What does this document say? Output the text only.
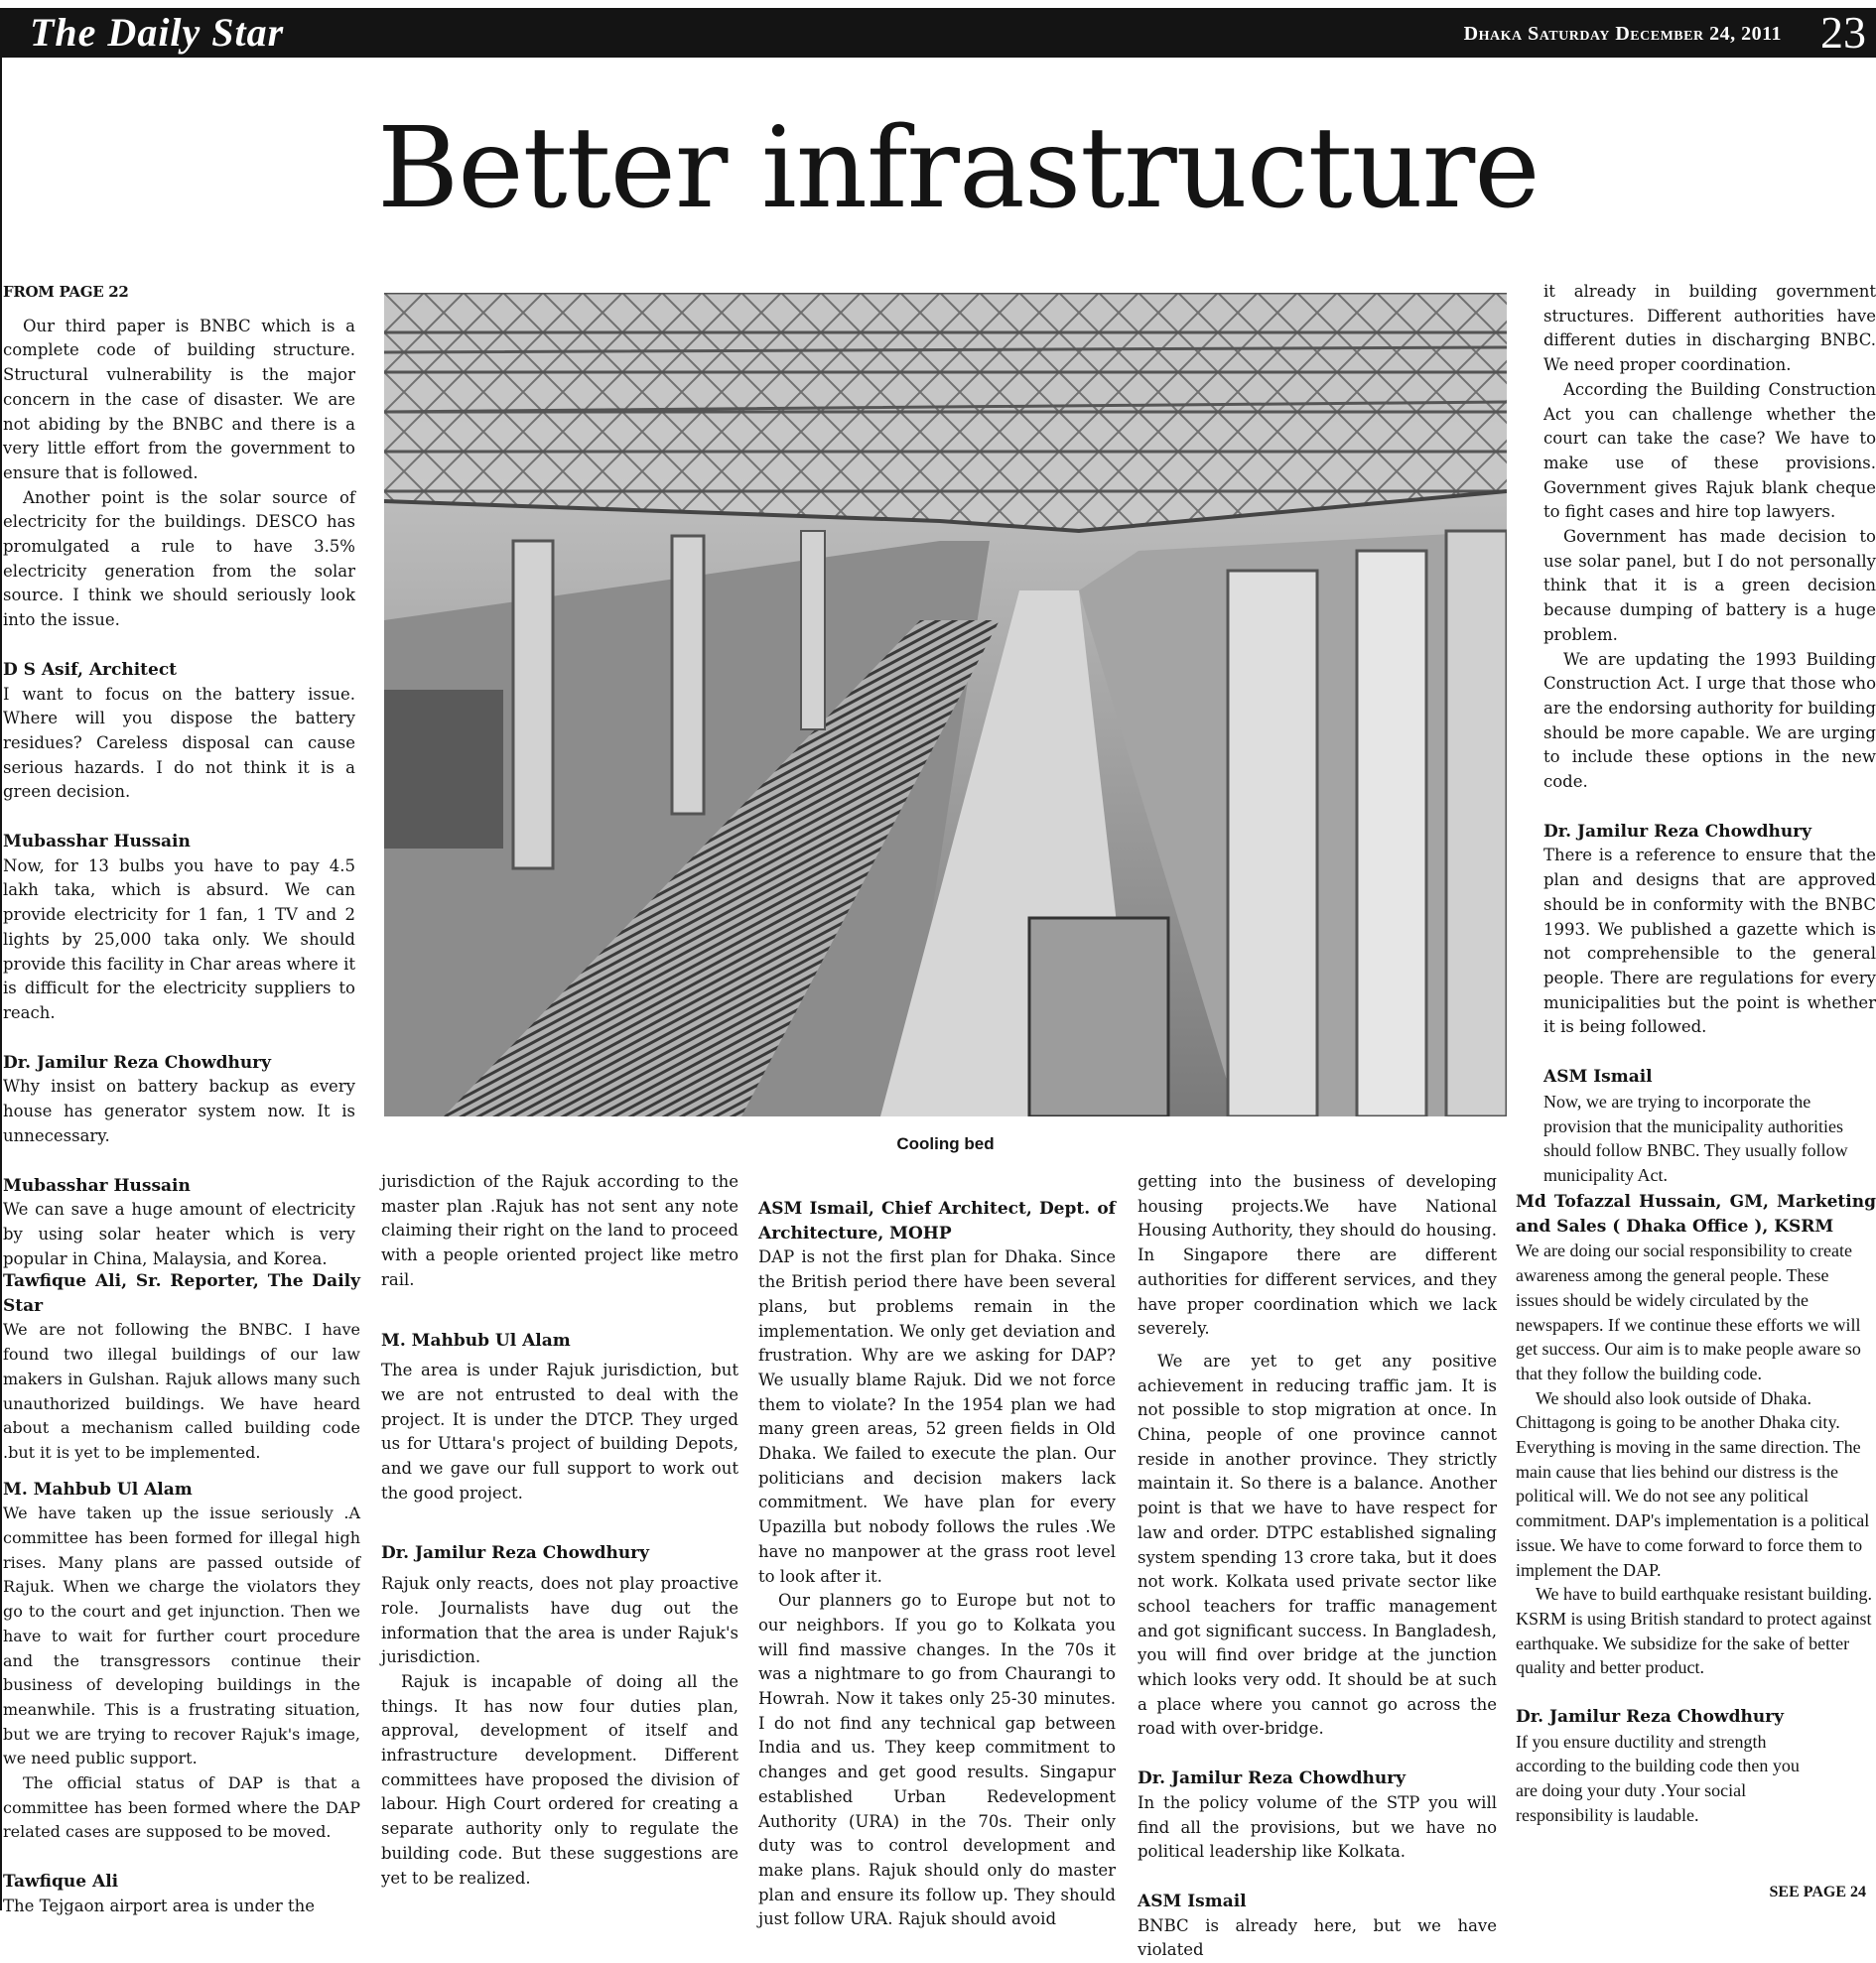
The Daily Star	Dhaka Saturday December 24, 2011 23
Better infrastructure
FROM PAGE 22

Our third paper is BNBC which is a complete code of building structure. Structural vulnerability is the major concern in the case of disaster. We are not abiding by the BNBC and there is a very little effort from the government to ensure that is followed.

Another point is the solar source of electricity for the buildings. DESCO has promulgated a rule to have 3.5% electricity generation from the solar source. I think we should seriously look into the issue.

D S Asif, Architect

I want to focus on the battery issue. Where will you dispose the battery residues? Careless disposal can cause serious hazards. I do not think it is a green decision.

Mubasshar Hussain

Now, for 13 bulbs you have to pay 4.5 lakh taka, which is absurd. We can provide electricity for 1 fan, 1 TV and 2 lights by 25,000 taka only. We should provide this facility in Char areas where it is difficult for the electricity suppliers to reach.

Dr. Jamilur Reza Chowdhury

Why insist on battery backup as every house has generator system now. It is unnecessary.

Mubasshar Hussain

We can save a huge amount of electricity by using solar heater which is very popular in China, Malaysia, and Korea.

Tawfique Ali, Sr. Reporter, The Daily Star

We are not following the BNBC. I have found two illegal buildings of our law makers in Gulshan. Rajuk allows many such unauthorized buildings. We have heard about a mechanism called building code .but it is yet to be implemented.

M. Mahbub Ul Alam

We have taken up the issue seriously .A committee has been formed for illegal high rises. Many plans are passed outside of Rajuk. When we charge the violators they go to the court and get injunction. Then we have to wait for further court procedure and the transgressors continue their business of developing buildings in the meanwhile. This is a frustrating situation, but we are trying to recover Rajuk's image, we need public support.

The official status of DAP is that a committee has been formed where the DAP related cases are supposed to be moved.

Tawfique Ali

The Tejgaon airport area is under the

Cooling bed

jurisdiction of the Rajuk according to the master plan .Rajuk has not sent any note claiming their right on the land to proceed with a people oriented project like metro rail.

M. Mahbub Ul Alam

The area is under Rajuk jurisdiction, but we are not entrusted to deal with the project. It is under the DTCP. They urged us for Uttara's project of building Depots, and we gave our full support to work out the good project.

Dr. Jamilur Reza Chowdhury

Rajuk only reacts, does not play proactive role. Journalists have dug out the information that the area is under Rajuk's jurisdiction.

Rajuk is incapable of doing all the things. It has now four duties plan, approval, development of itself and infrastructure development. Different committees have proposed the division of labour. High Court ordered for creating a separate authority only to regulate the building code. But these suggestions are yet to be realized.

ASM Ismail, Chief Architect, Dept. of Architecture, MOHP

DAP is not the first plan for Dhaka. Since the British period there have been several plans, but problems remain in the implementation. We only get deviation and frustration. Why are we asking for DAP? We usually blame Rajuk. Did we not force them to violate? In the 1954 plan we had many green areas, 52 green fields in Old Dhaka. We failed to execute the plan. Our politicians and decision makers lack commitment. We have plan for every Upazilla but nobody follows the rules .We have no manpower at the grass root level to look after it.

Our planners go to Europe but not to our neighbors. If you go to Kolkata you will find massive changes. In the 70s it was a nightmare to go from Chaurangi to Howrah. Now it takes only 25-30 minutes. I do not find any technical gap between India and us. They keep commitment to changes and get good results. Singapur established Urban Redevelopment Authority (URA) in the 70s. Their only duty was to control development and make plans. Rajuk should only do master plan and ensure its follow up. They should just follow URA. Rajuk should avoid

getting into the business of developing housing projects.We have National Housing Authority, they should do housing. In Singapore there are different authorities for different services, and they have proper coordination which we lack severely.

We are yet to get any positive achievement in reducing traffic jam. It is not possible to stop migration at once. In China, people of one province cannot reside in another province. They strictly maintain it. So there is a balance. Another point is that we have to have respect for law and order. DTPC established signaling system spending 13 crore taka, but it does not work. Kolkata used private sector like school teachers for traffic management and got significant success. In Bangladesh, you will find over bridge at the junction which looks very odd. It should be at such a place where you cannot go across the road with over-bridge.

Dr. Jamilur Reza Chowdhury

In the policy volume of the STP you will find all the provisions, but we have no political leadership like Kolkata.

ASM Ismail

BNBC is already here, but we have violated

it already in building government structures. Different authorities have different duties in discharging BNBC. We need proper coordination.

According the Building Construction Act you can challenge whether the court can take the case? We have to make use of these provisions. Government gives Rajuk blank cheque to fight cases and hire top lawyers.

Government has made decision to use solar panel, but I do not personally think that it is a green decision because dumping of battery is a huge problem.

We are updating the 1993 Building Construction Act. I urge that those who are the endorsing authority for building should be more capable. We are urging to include these options in the new code.

Dr. Jamilur Reza Chowdhury

There is a reference to ensure that the plan and designs that are approved should be in conformity with the BNBC 1993. We published a gazette which is not comprehensible to the general people. There are regulations for every municipalities but the point is whether it is being followed.

ASM Ismail

Now, we are trying to incorporate the provision that the municipality authorities should follow BNBC. They usually follow municipality Act.

Md Tofazzal Hussain, GM, Marketing and Sales ( Dhaka Office ), KSRM

We are doing our social responsibility to create awareness among the general people. These issues should be widely circulated by the newspapers. If we continue these efforts we will get success. Our aim is to make people aware so that they follow the building code.

We should also look outside of Dhaka. Chittagong is going to be another Dhaka city. Everything is moving in the same direction. The main cause that lies behind our distress is the political will. We do not see any political commitment. DAP's implementation is a political issue. We have to come forward to force them to implement the DAP.

We have to build earthquake resistant building. KSRM is using British standard to protect against earthquake. We subsidize for the sake of better quality and better product.

Dr. Jamilur Reza Chowdhury

If you ensure ductility and strength according to the building code then you are doing your duty .Your social responsibility is laudable.

SEE PAGE 24
